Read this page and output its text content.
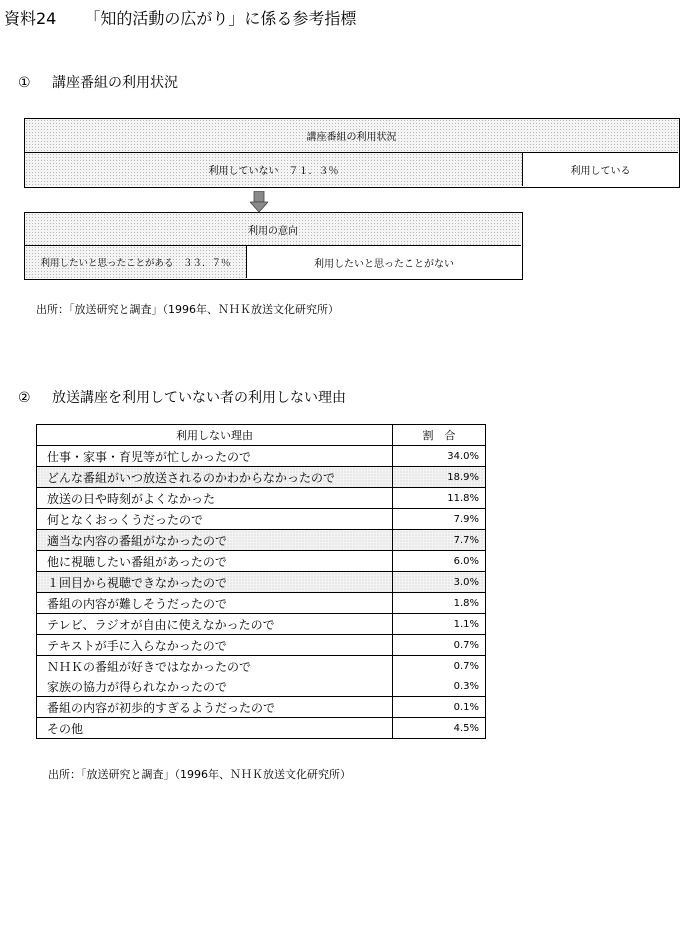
資料24 「知的活動の広がり」に係る参考指標
① 講座番組の利用状況
講座番組の利用状況
利用していない　７１．３％	利用している
利用の意向
利用したいと思ったことがある　３３．７％	利用したいと思ったことがない
出所：「放送研究と調査」（1996年、ＮＨＫ放送文化研究所）
② 放送講座を利用していない者の利用しない理由
利用しない理由	割　合
仕事・家事・育児等が忙しかったので	34.0%
どんな番組がいつ放送されるのかわからなかったので	18.9%
放送の日や時刻がよくなかった	11.8%
何となくおっくうだったので	7.9%
適当な内容の番組がなかったので	7.7%
他に視聴したい番組があったので	6.0%
１回目から視聴できなかったので	3.0%
番組の内容が難しそうだったので	1.8%
テレビ、ラジオが自由に使えなかったので	1.1%
テキストが手に入らなかったので	0.7%
ＮＨＫの番組が好きではなかったので	0.7%
家族の協力が得られなかったので	0.3%
番組の内容が初歩的すぎるようだったので	0.1%
その他	4.5%
出所：「放送研究と調査」（1996年、ＮＨＫ放送文化研究所）
